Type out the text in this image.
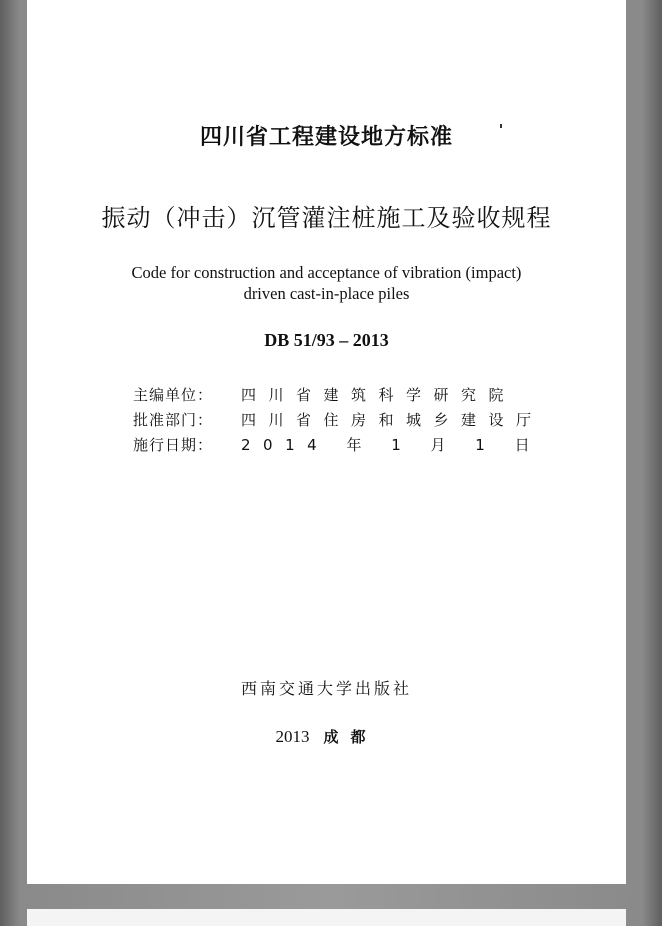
四川省工程建设地方标准
振动（冲击）沉管灌注桩施工及验收规程
Code for construction and acceptance of vibration (impact)
driven cast-in-place piles
DB 51/93 – 2013
主编单位：	四川省建筑科学研究院
批准部门：	四川省住房和城乡建设厅
施行日期：	2014 年 1 月 1 日
西南交通大学出版社
2013 成都
